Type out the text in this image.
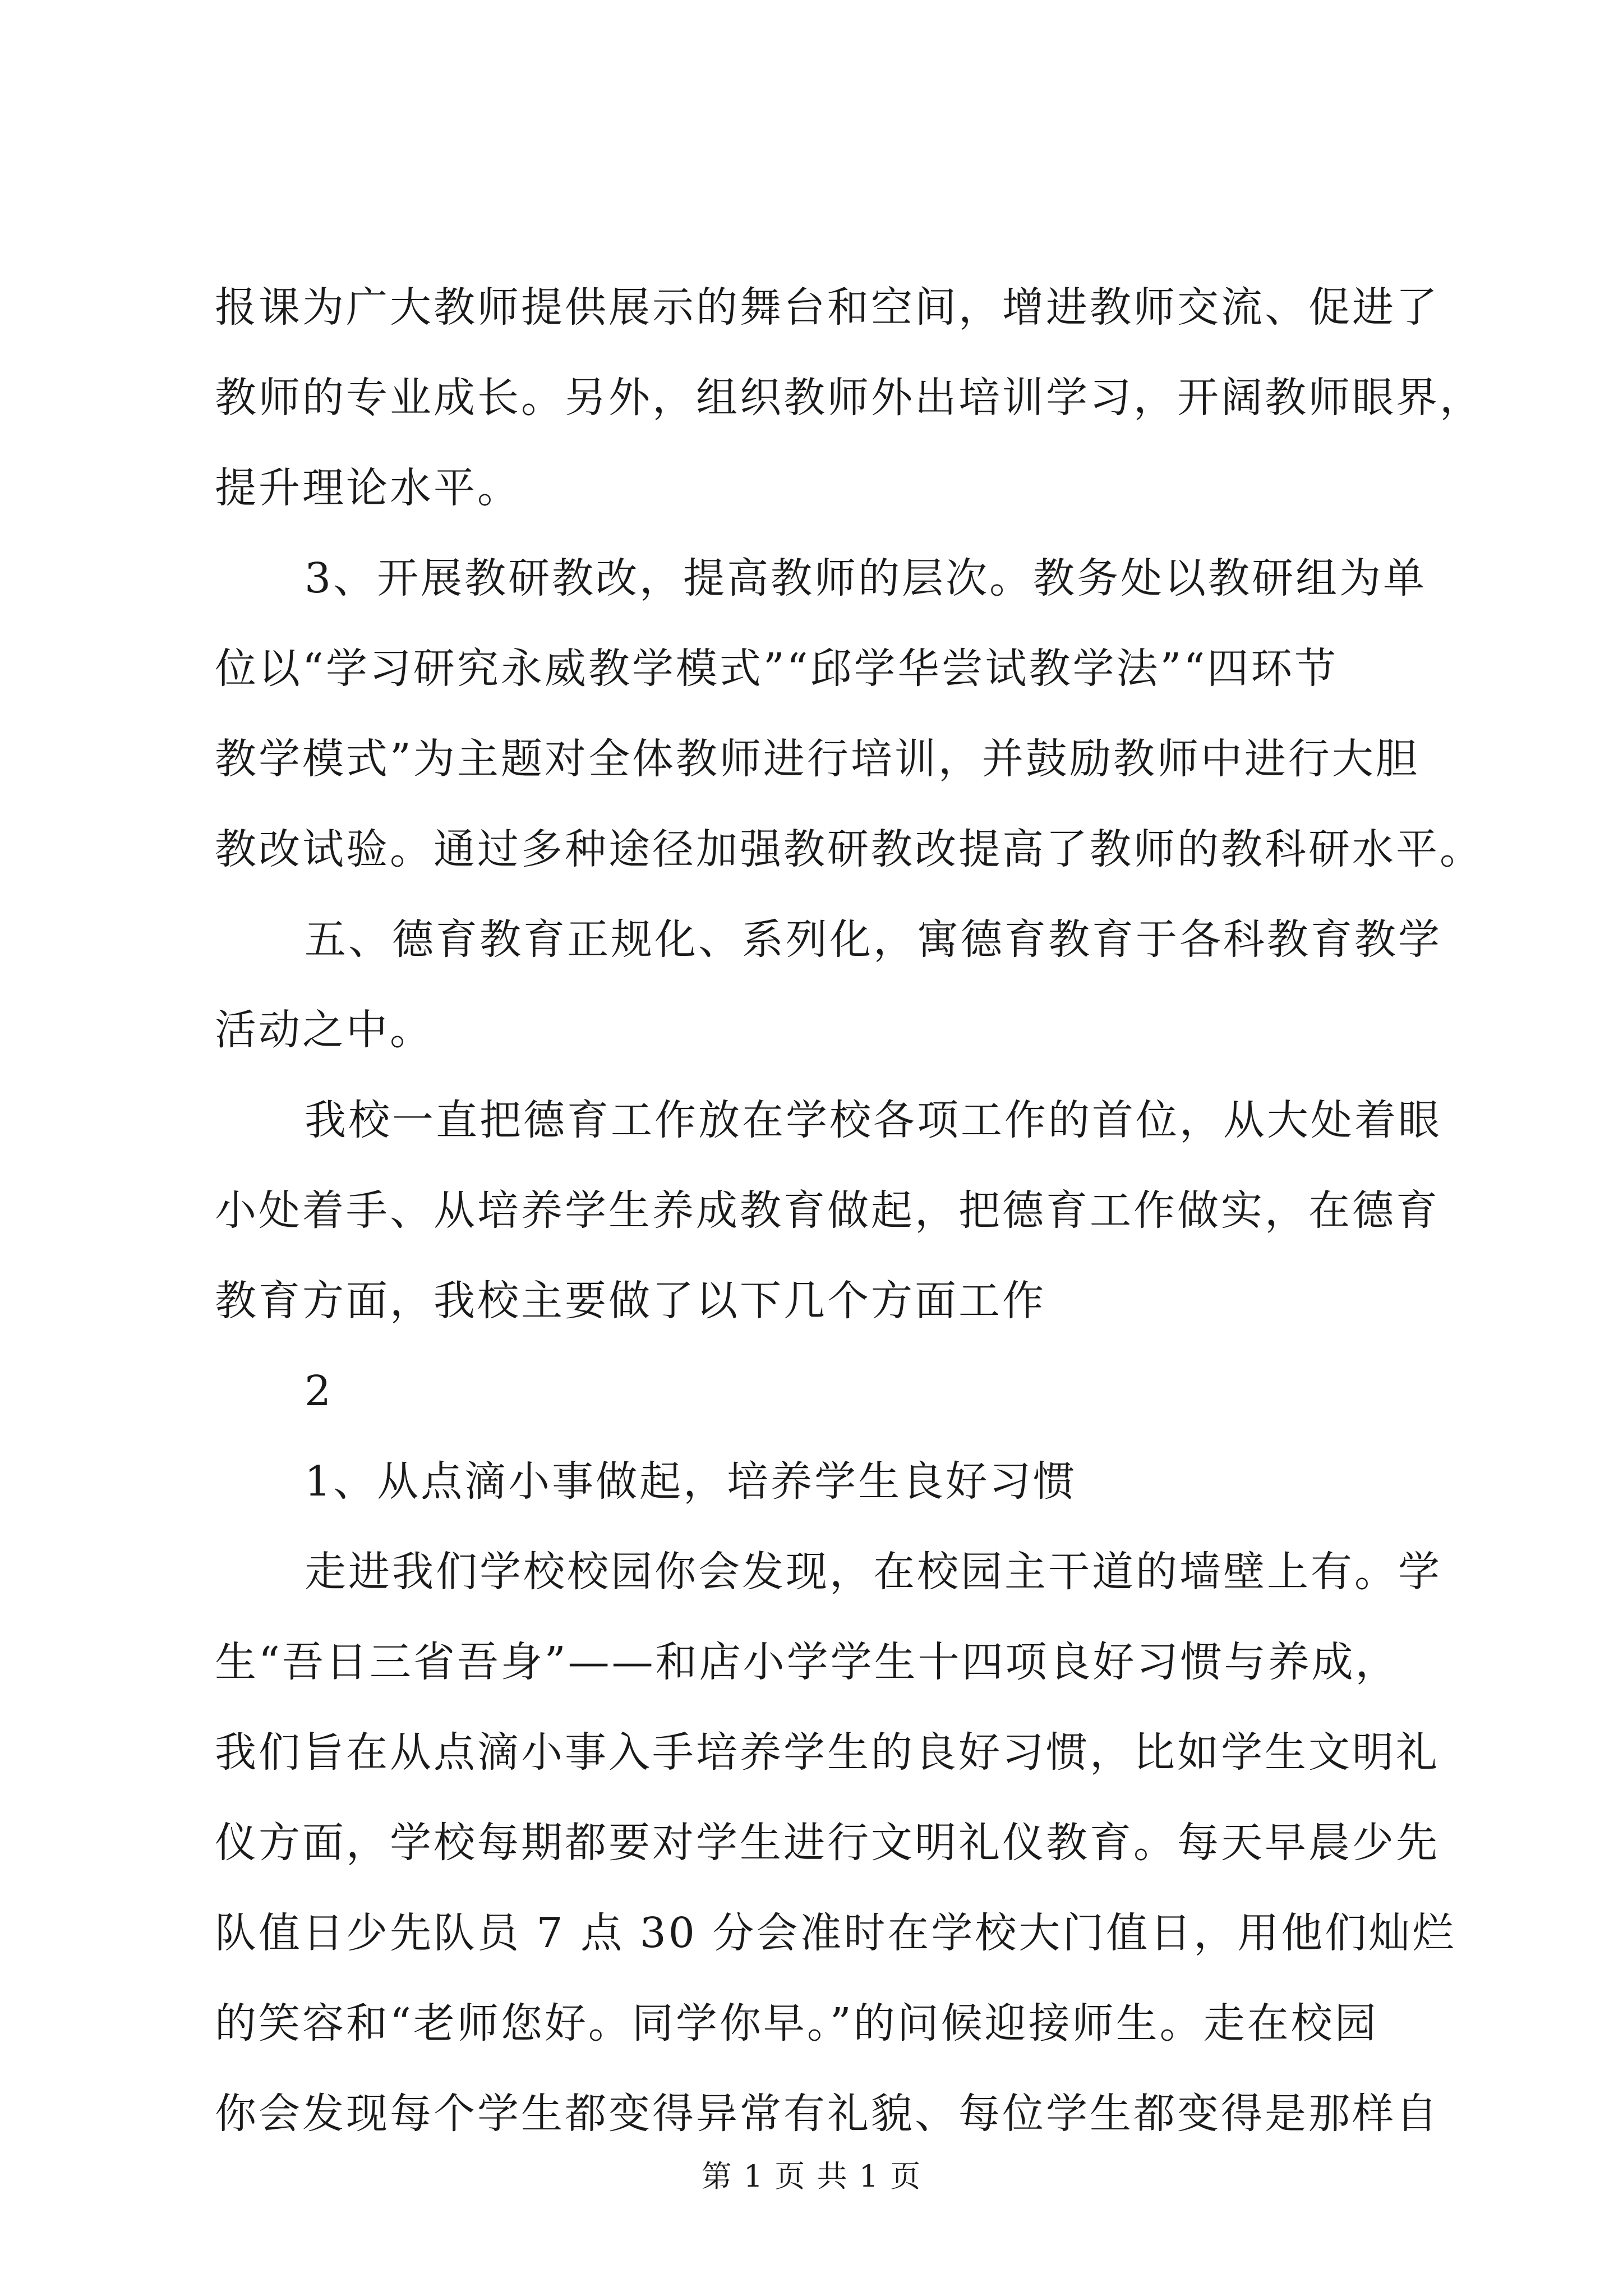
报课为广大教师提供展示的舞台和空间，增进教师交流、促进了
教师的专业成长。另外，组织教师外出培训学习，开阔教师眼界，
提升理论水平。
3、开展教研教改，提高教师的层次。教务处以教研组为单
位以“学习研究永威教学模式”“邱学华尝试教学法”“四环节
教学模式”为主题对全体教师进行培训，并鼓励教师中进行大胆
教改试验。通过多种途径加强教研教改提高了教师的教科研水平。
五、德育教育正规化、系列化，寓德育教育于各科教育教学
活动之中。
我校一直把德育工作放在学校各项工作的首位，从大处着眼
小处着手、从培养学生养成教育做起，把德育工作做实，在德育
教育方面，我校主要做了以下几个方面工作
2
1、从点滴小事做起，培养学生良好习惯
走进我们学校校园你会发现，在校园主干道的墙壁上有。学
生“吾日三省吾身”——和店小学学生十四项良好习惯与养成，
我们旨在从点滴小事入手培养学生的良好习惯，比如学生文明礼
仪方面，学校每期都要对学生进行文明礼仪教育。每天早晨少先
队值日少先队员 7 点 30 分会准时在学校大门值日，用他们灿烂
的笑容和“老师您好。同学你早。”的问候迎接师生。走在校园
你会发现每个学生都变得异常有礼貌、每位学生都变得是那样自
第 1 页 共 1 页
